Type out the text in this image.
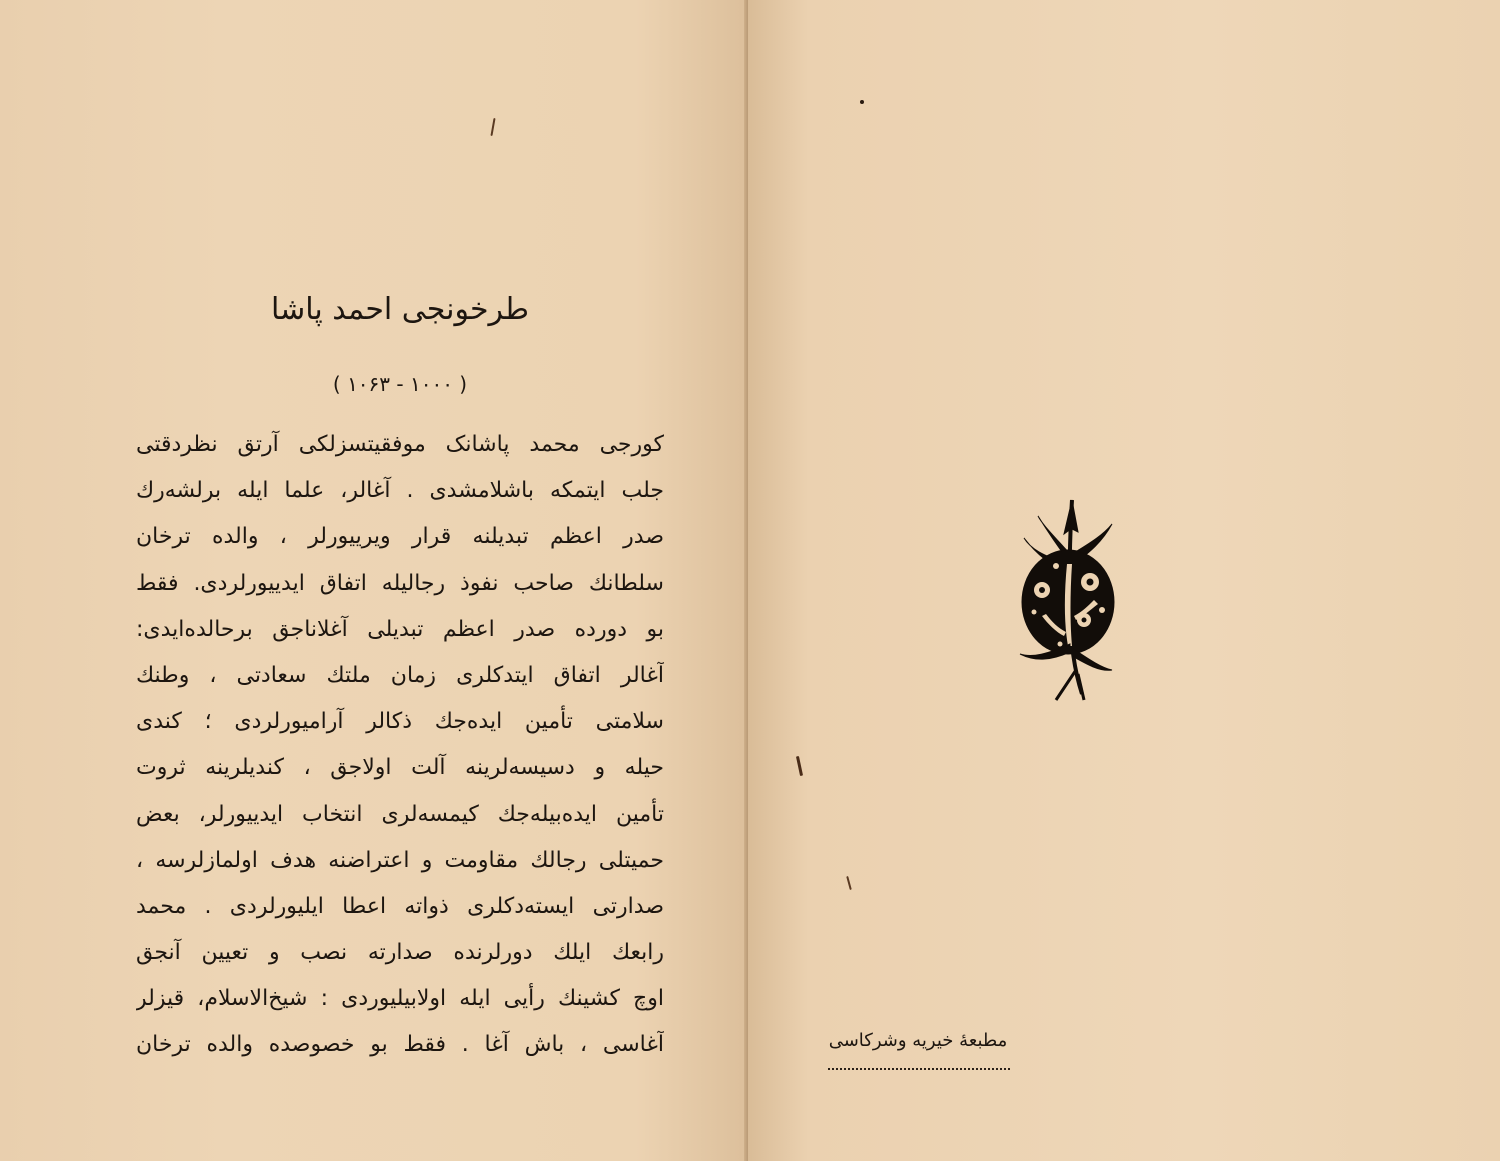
طرخونجی احمد پاشا
( ۱۰۰۰ - ۱۰۶۳ )
کورجی محمد پاشانک موفقیتسزلکی آرتق نظردقتی
جلب ایتمکه باشلامشدی . آغالر، علما ایله برلشه‌رك
صدر اعظم تبدیلنه قرار ویرییورلر ، والده ترخان
سلطانك صاحب نفوذ رجالیله اتفاق ایدییورلردی. فقط
بو دورده صدر اعظم تبدیلی آغلاناجق برحالده‌ایدی:
آغالر اتفاق ایتدکلری زمان ملتك سعادتی ، وطنك
سلامتی تأمین ایده‌جك ذکالر آرامیورلردی ؛ کندی
حیله و دسیسه‌لرینه آلت اولاجق ، کندیلرینه ثروت
تأمین ایده‌بیله‌جك کیمسه‌لری انتخاب ایدییورلر، بعض
حمیتلی رجالك مقاومت و اعتراضنه هدف اولمازلرسه ،
صدارتی ایسته‌دکلری ذواته اعطا ایلیورلردی . محمد
رابعك ایلك دورلرنده صدارته نصب و تعیین آنجق
اوچ کشینك رأیی ایله اولابیلیوردی : شیخ‌الاسلام، قیزلر
آغاسی ، باش آغا . فقط بو خصوصده والده ترخان	مطبعهٔ خیریه وشرکاسی
